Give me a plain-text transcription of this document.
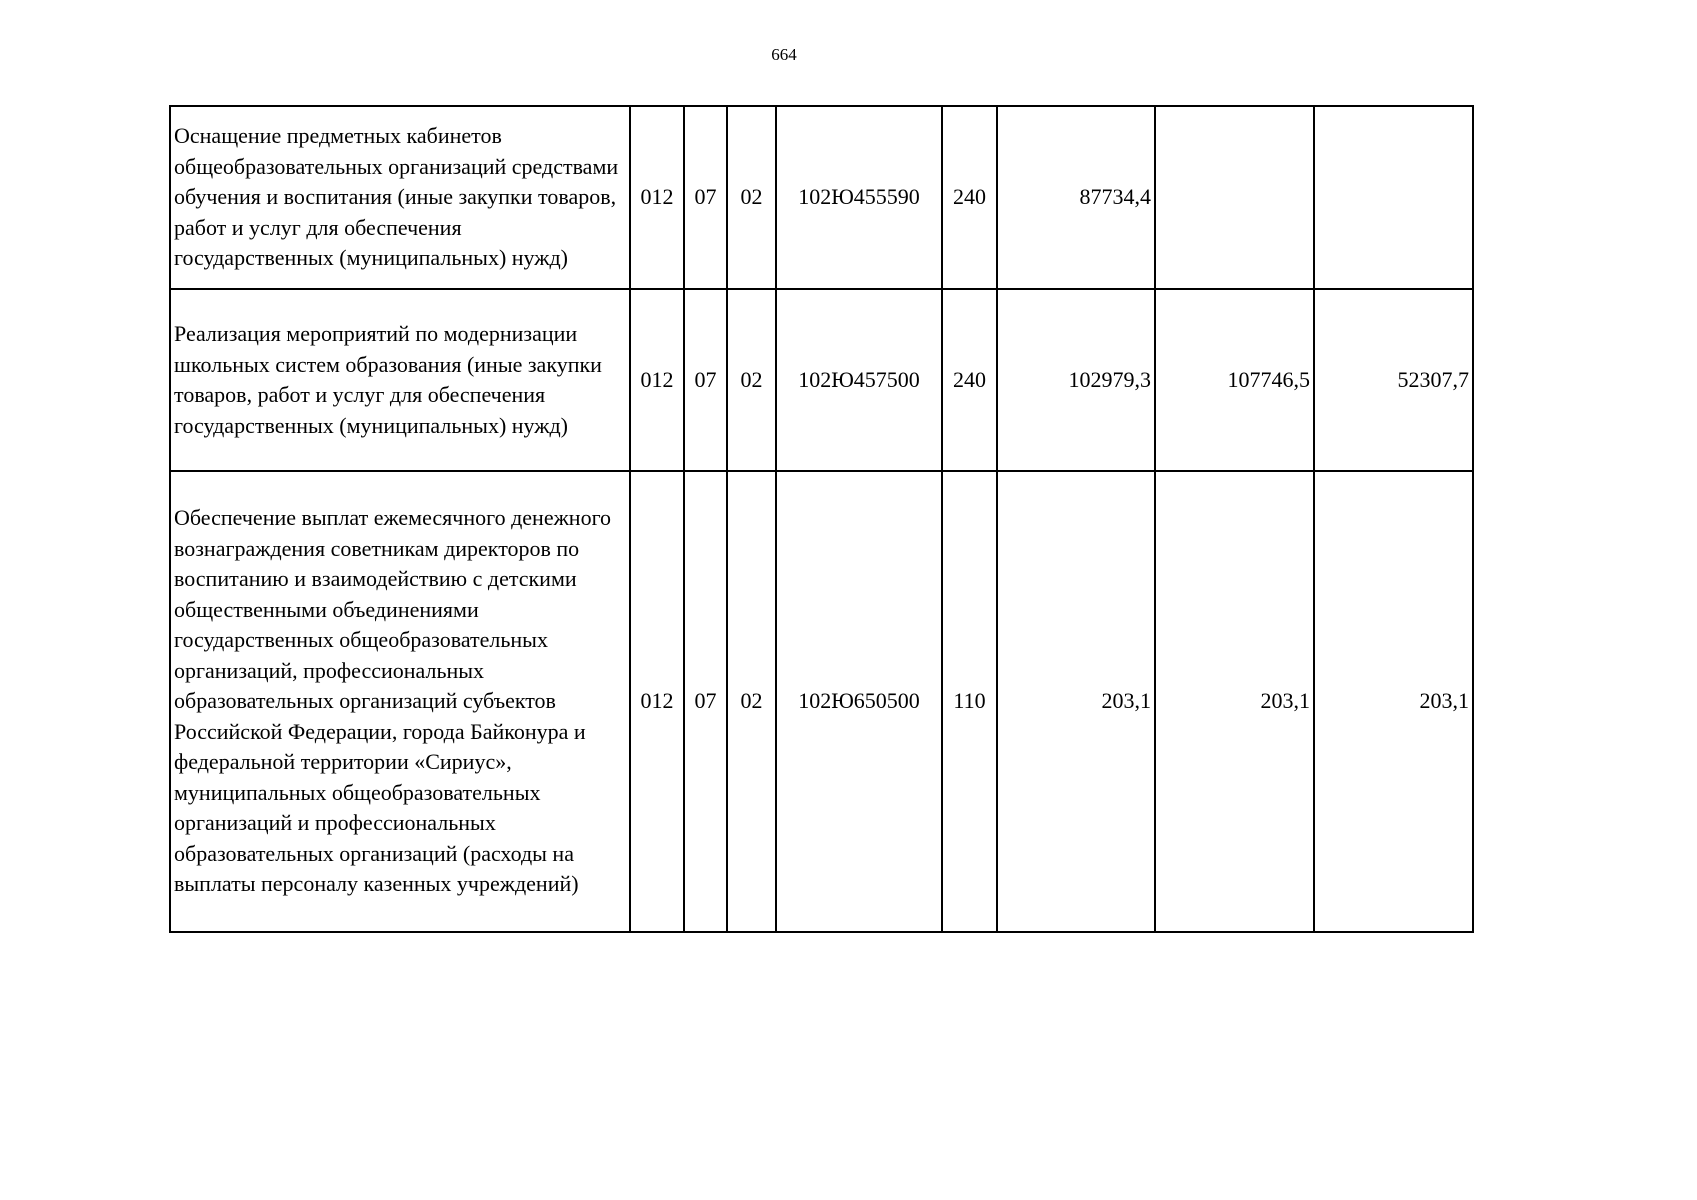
664
Оснащение предметных кабинетов общеобразовательных организаций средствами обучения и воспитания (иные закупки товаров, работ и услуг для обеспечения государственных (муниципальных) нужд)	012	07	02	102Ю455590	240	87734,4		
Реализация мероприятий по модернизации школьных систем образования (иные закупки товаров, работ и услуг для обеспечения государственных (муниципальных) нужд)	012	07	02	102Ю457500	240	102979,3	107746,5	52307,7
Обеспечение выплат ежемесячного денежного вознаграждения советникам директоров по воспитанию и взаимодействию с детскими общественными объединениями государственных общеобразовательных организаций, профессиональных образовательных организаций субъектов Российской Федерации, города Байконура и федеральной территории «Сириус», муниципальных общеобразовательных организаций и профессиональных образовательных организаций (расходы на выплаты персоналу казенных учреждений)	012	07	02	102Ю650500	110	203,1	203,1	203,1
